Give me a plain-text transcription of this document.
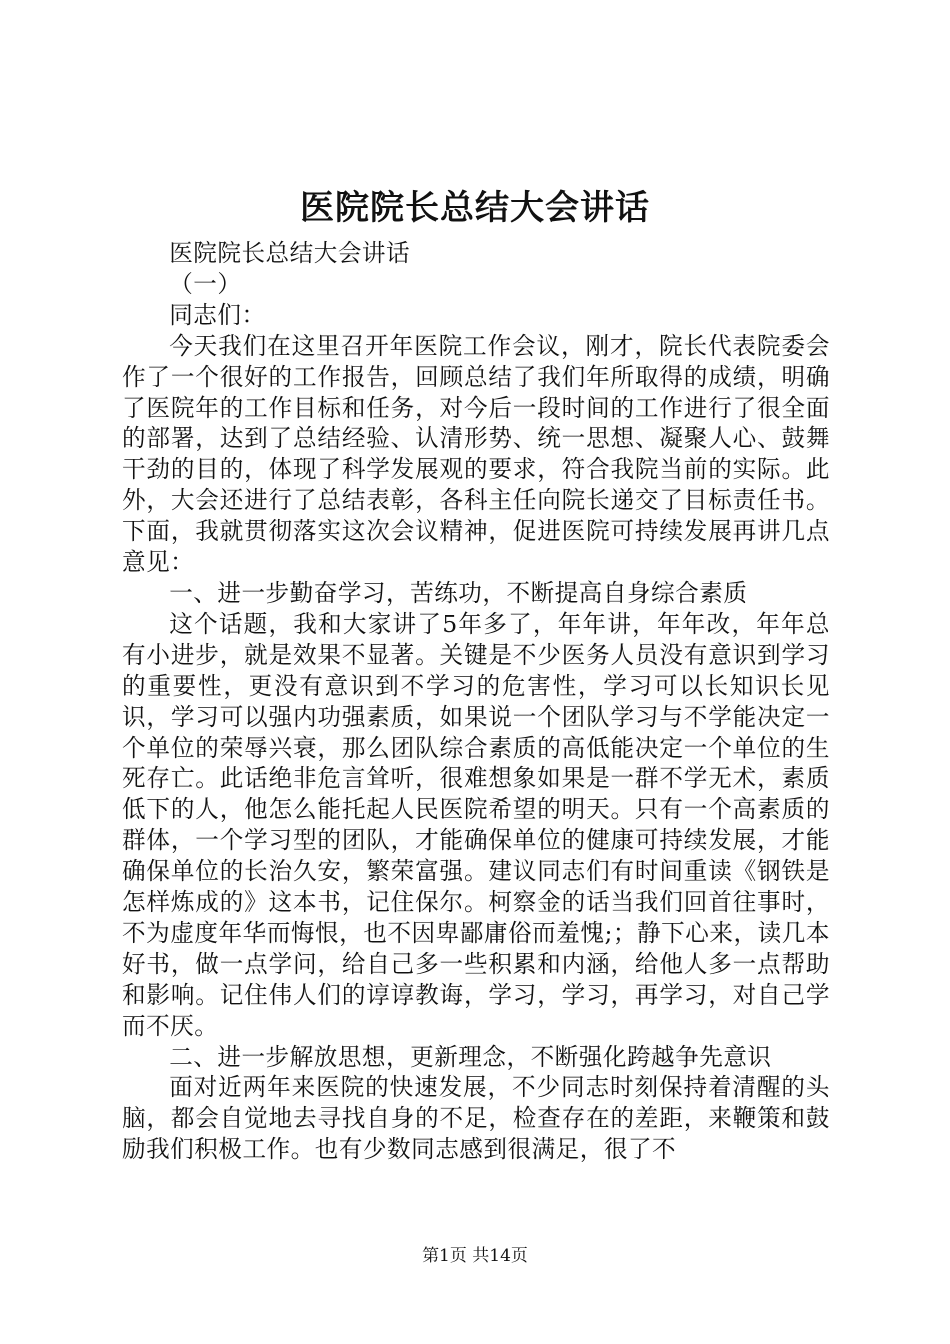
医院院长总结大会讲话

医院院长总结大会讲话

（一）

同志们：

今天我们在这里召开年医院工作会议，刚才，院长代表院委会作了一个很好的工作报告，回顾总结了我们年所取得的成绩，明确了医院年的工作目标和任务，对今后一段时间的工作进行了很全面的部署，达到了总结经验、认清形势、统一思想、凝聚人心、鼓舞干劲的目的，体现了科学发展观的要求，符合我院当前的实际。此外，大会还进行了总结表彰，各科主任向院长递交了目标责任书。下面，我就贯彻落实这次会议精神，促进医院可持续发展再讲几点意见：

一、进一步勤奋学习，苦练功，不断提高自身综合素质

这个话题，我和大家讲了5年多了，年年讲，年年改，年年总有小进步，就是效果不显著。关键是不少医务人员没有意识到学习的重要性，更没有意识到不学习的危害性，学习可以长知识长见识，学习可以强内功强素质，如果说一个团队学习与不学能决定一个单位的荣辱兴衰，那么团队综合素质的高低能决定一个单位的生死存亡。此话绝非危言耸听，很难想象如果是一群不学无术，素质低下的人，他怎么能托起人民医院希望的明天。只有一个高素质的群体，一个学习型的团队，才能确保单位的健康可持续发展，才能确保单位的长治久安，繁荣富强。建议同志们有时间重读《钢铁是怎样炼成的》这本书，记住保尔。柯察金的话当我们回首往事时，不为虚度年华而悔恨，也不因卑鄙庸俗而羞愧;；静下心来，读几本好书，做一点学问，给自己多一些积累和内涵，给他人多一点帮助和影响。记住伟人们的谆谆教诲，学习，学习，再学习，对自己学而不厌。

二、进一步解放思想，更新理念，不断强化跨越争先意识

面对近两年来医院的快速发展，不少同志时刻保持着清醒的头脑，都会自觉地去寻找自身的不足，检查存在的差距，来鞭策和鼓励我们积极工作。也有少数同志感到很满足，很了不

第1页 共14页
